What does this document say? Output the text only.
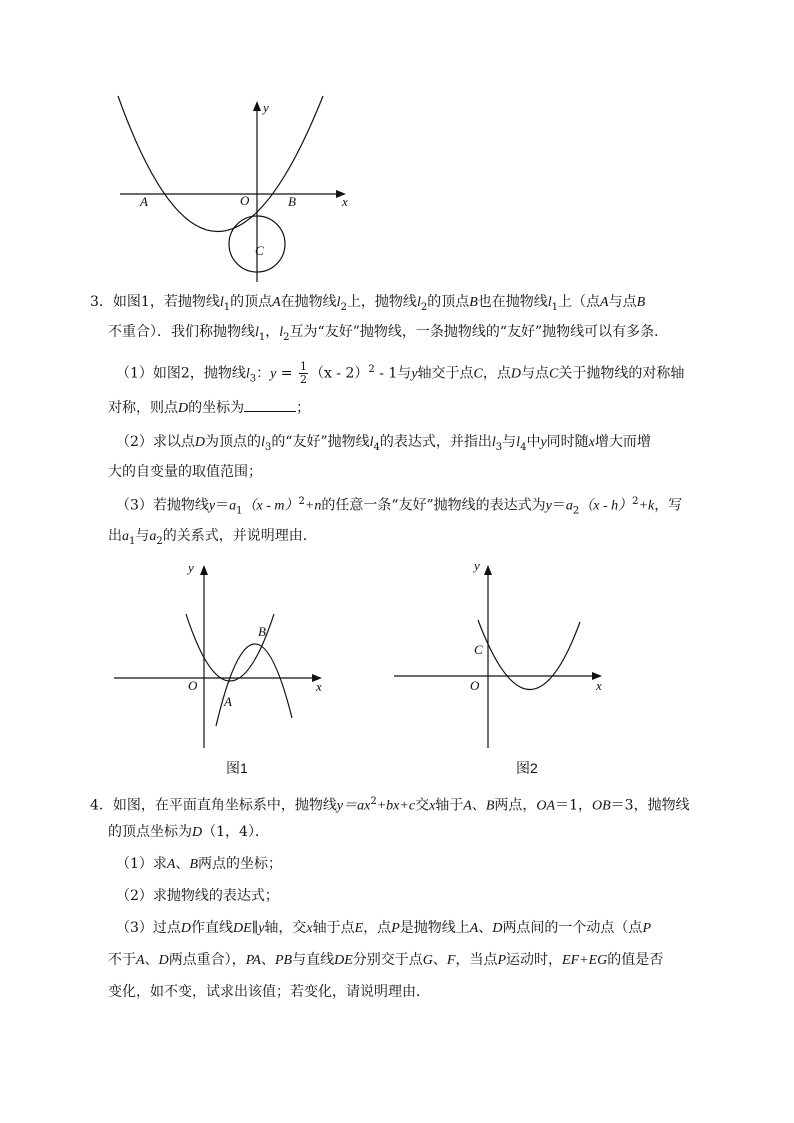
y
x
O
A	B
C
3．如图1，若抛物线$l_1$的顶点A在抛物线$l_2$上，抛物线$l_2$的顶点B也在抛物线$l_1$上（点A与点B
不重合）．我们称抛物线$l_1$，$l_2$互为“友好”抛物线，一条抛物线的“友好”抛物线可以有多条．
（1）如图2，抛物线$l_3$：$y = \frac{1}{2} (x - 2)^2 - 1$与y轴交于点C，点D与点C关于抛物线的对称轴
对称，则点D的坐标为	；
（2）求以点D为顶点的$l_3$的“友好”抛物线$l_4$的表达式，并指出$l_3$与$l_4$中y同时随x增大而增
大的自变量的取值范围；
（3）若抛物线$y=a_1(x - m)^2+n$的任意一条“友好”抛物线的表达式为$y=a_2(x - h)^2+k$，写
出$a_1$与$a_2$的关系式，并说明理由．
y
x
O
A
B
图1
y
x
O
C
图2
4．如图，在平面直角坐标系中，抛物线$y=ax^2+bx+c$交x轴于A、B两点，OA＝1，OB＝3，抛物线
的顶点坐标为D（1，4）．
（1）求A、B两点的坐标；
（2）求抛物线的表达式；
（3）过点D作直线DE∥y轴，交x轴于点E，点P是抛物线上A、D两点间的一个动点（点P
不于A、D两点重合），PA、PB与直线DE分别交于点G、F，当点P运动时，EF+EG的值是否
变化，如不变，试求出该值；若变化，请说明理由．
